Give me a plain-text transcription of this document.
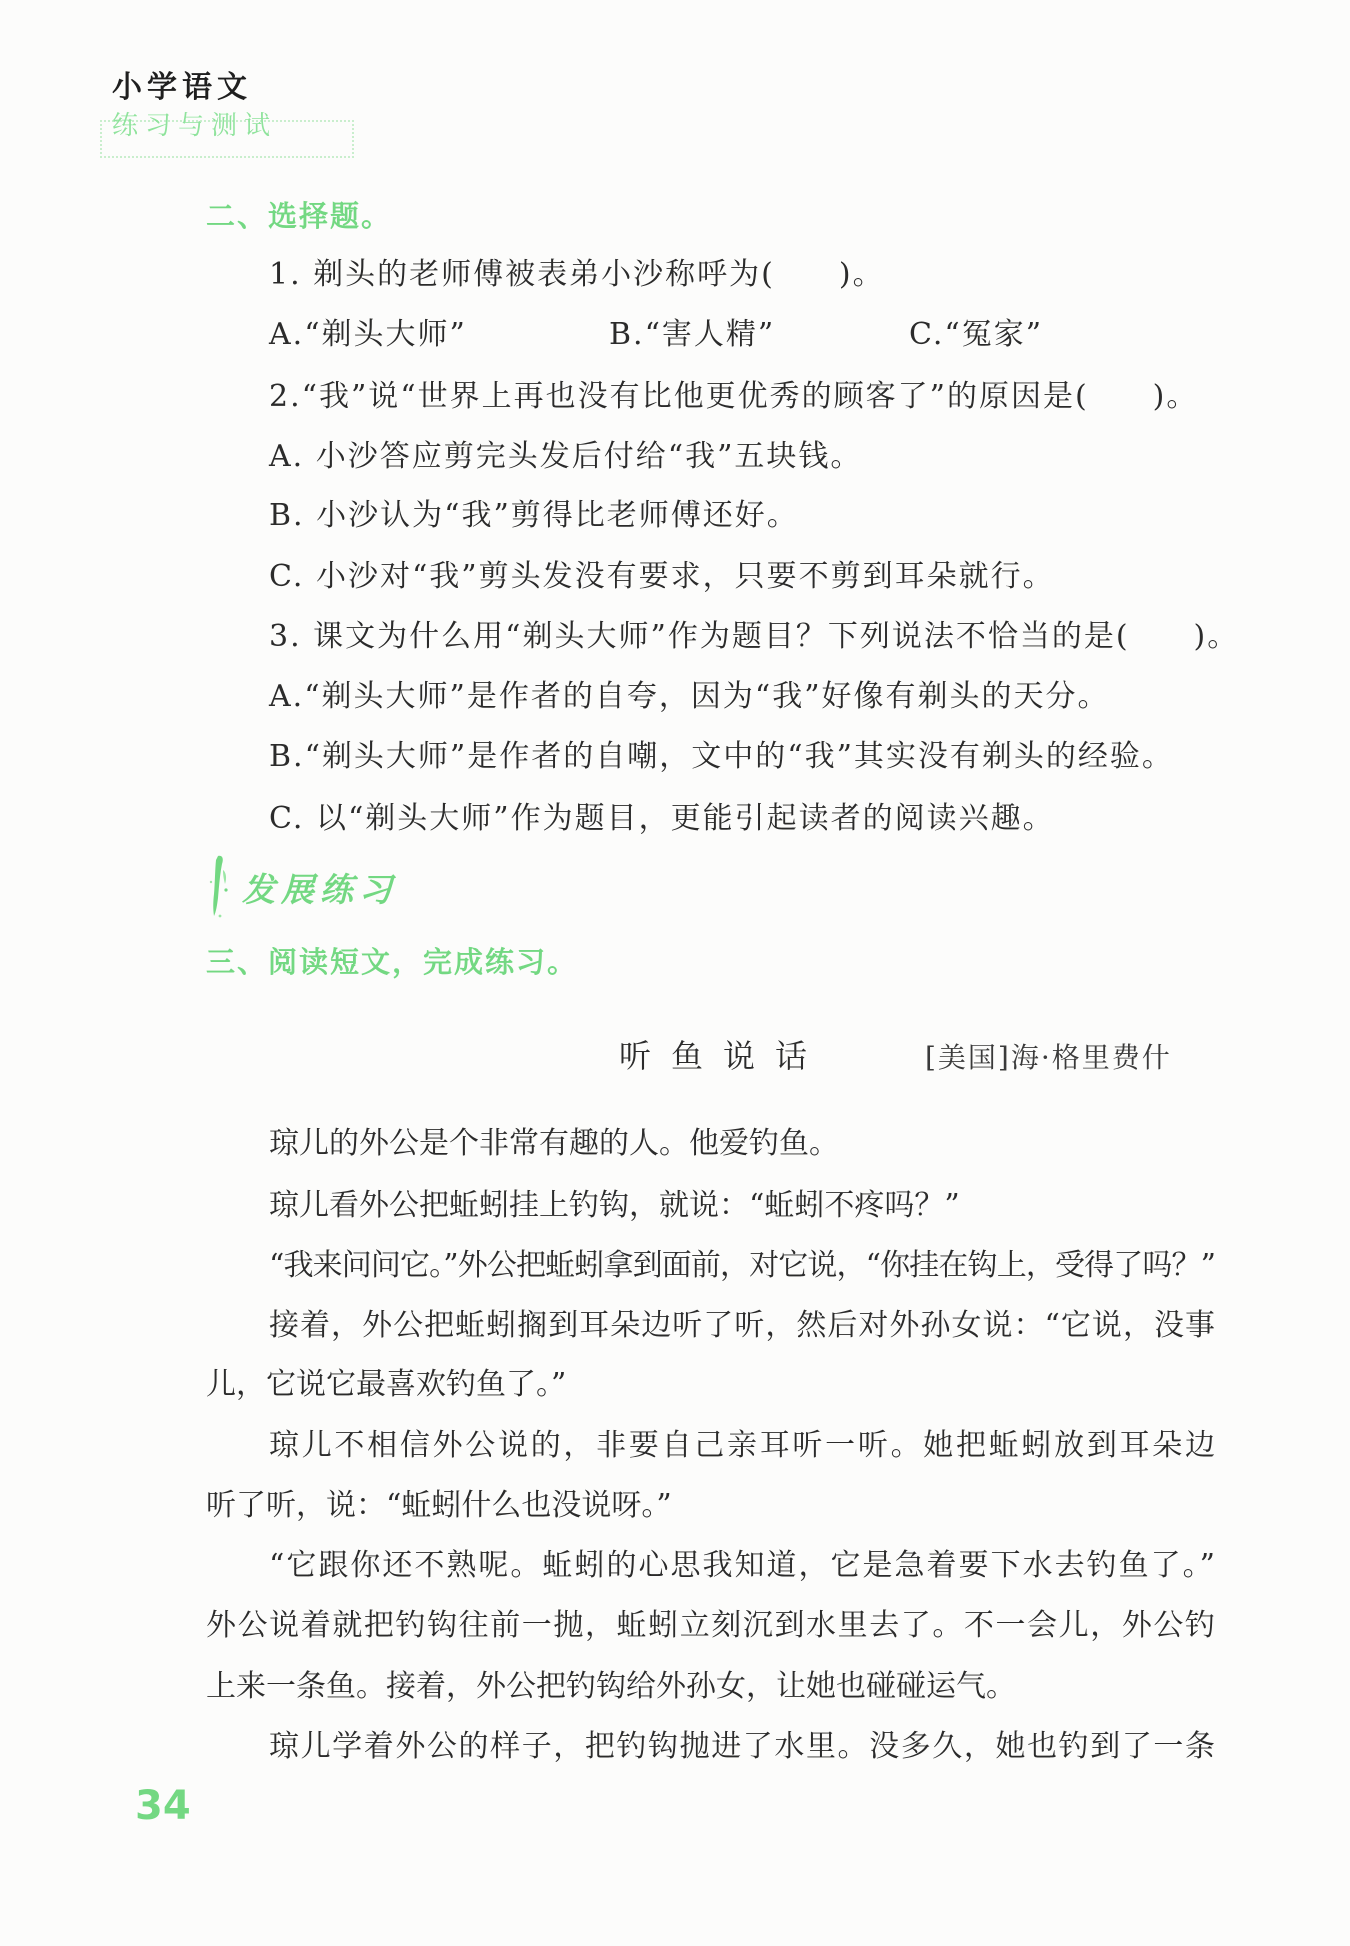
小学语文
练习与测试
二、选择题。
1. 剃头的老师傅被表弟小沙称呼为(　　)。
A.“剃头大师”	B.“害人精”	C.“冤家”
2.“我”说“世界上再也没有比他更优秀的顾客了”的原因是(　　)。
A. 小沙答应剪完头发后付给“我”五块钱。
B. 小沙认为“我”剪得比老师傅还好。
C. 小沙对“我”剪头发没有要求，只要不剪到耳朵就行。
3. 课文为什么用“剃头大师”作为题目？下列说法不恰当的是(　　)。
A.“剃头大师”是作者的自夸，因为“我”好像有剃头的天分。
B.“剃头大师”是作者的自嘲，文中的“我”其实没有剃头的经验。
C. 以“剃头大师”作为题目，更能引起读者的阅读兴趣。
发展练习
三、阅读短文，完成练习。
听鱼说话	[美国]海·格里费什
琼儿的外公是个非常有趣的人。他爱钓鱼。
琼儿看外公把蚯蚓挂上钓钩，就说：“蚯蚓不疼吗？”
“我来问问它。”外公把蚯蚓拿到面前，对它说，“你挂在钩上，受得了吗？”
接着，外公把蚯蚓搁到耳朵边听了听，然后对外孙女说：“它说，没事
儿，它说它最喜欢钓鱼了。”
琼儿不相信外公说的，非要自己亲耳听一听。她把蚯蚓放到耳朵边
听了听，说：“蚯蚓什么也没说呀。”
“它跟你还不熟呢。蚯蚓的心思我知道，它是急着要下水去钓鱼了。”
外公说着就把钓钩往前一抛，蚯蚓立刻沉到水里去了。不一会儿，外公钓
上来一条鱼。接着，外公把钓钩给外孙女，让她也碰碰运气。
琼儿学着外公的样子，把钓钩抛进了水里。没多久，她也钓到了一条
34
